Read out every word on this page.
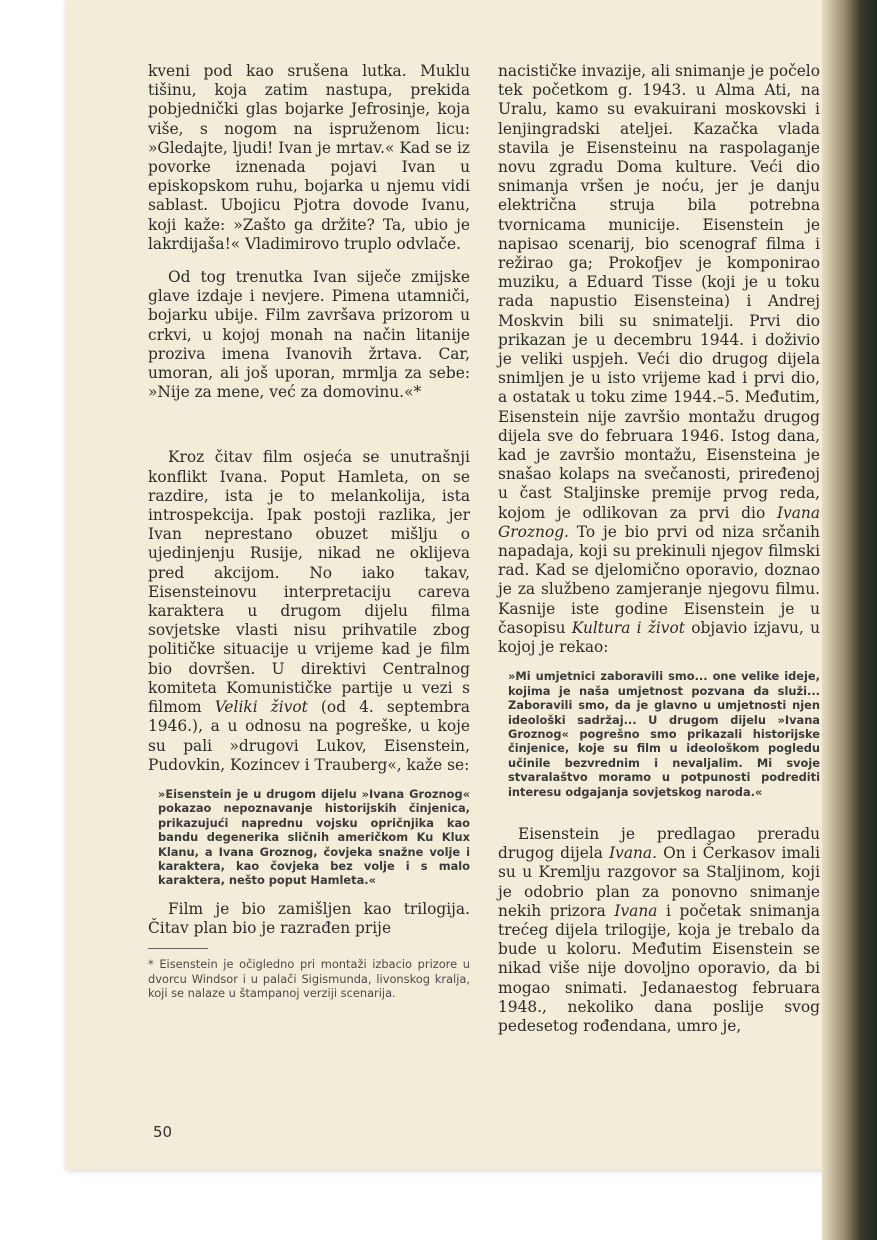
kveni pod kao srušena lutka. Muklu tišinu, koja zatim nastupa, prekida pobjednički glas bojarke Jefrosinje, koja više, s nogom na ispruženom licu: »Gledajte, ljudi! Ivan je mrtav.« Kad se iz povorke iznenada pojavi Ivan u episkopskom ruhu, bojarka u njemu vidi sablast. Ubojicu Pjotra dovode Ivanu, koji kaže: »Zašto ga držite? Ta, ubio je lakrdijaša!« Vladimirovo truplo odvlače.

Od tog trenutka Ivan siječe zmijske glave izdaje i nevjere. Pimena utamniči, bojarku ubije. Film završava prizorom u crkvi, u kojoj monah na način litanije proziva imena Ivanovih žrtava. Car, umoran, ali još uporan, mrmlja za sebe: »Nije za mene, već za domovinu.«*

Kroz čitav film osjeća se unutrašnji konflikt Ivana. Poput Hamleta, on se razdire, ista je to melankolija, ista introspekcija. Ipak postoji razlika, jer Ivan neprestano obuzet mišlju o ujedinjenju Rusije, nikad ne oklijeva pred akcijom. No iako takav, Eisensteinovu interpretaciju careva karaktera u drugom dijelu filma sovjetske vlasti nisu prihvatile zbog političke situacije u vrijeme kad je film bio dovršen. U direktivi Centralnog komiteta Komunističke partije u vezi s filmom Veliki život (od 4. septembra 1946.), a u odnosu na pogreške, u koje su pali »drugovi Lukov, Eisenstein, Pudovkin, Kozincev i Trauberg«, kaže se:

»Eisenstein je u drugom dijelu »Ivana Groznog« pokazao nepoznavanje historijskih činjenica, prikazujući naprednu vojsku opričnjika kao bandu degenerika sličnih američkom Ku Klux Klanu, a Ivana Groznog, čovjeka snažne volje i karaktera, kao čovjeka bez volje i s malo karaktera, nešto poput Hamleta.«

Film je bio zamišljen kao trilogija. Čitav plan bio je razrađen prije

* Eisenstein je očigledno pri montaži izbacio prizore u dvorcu Windsor i u palači Sigismunda, livonskog kralja, koji se nalaze u štampanoj verziji scenarija.

nacističke invazije, ali snimanje je počelo tek početkom g. 1943. u Alma Ati, na Uralu, kamo su evakuirani moskovski i lenjingradski ateljei. Kazačka vlada stavila je Eisensteinu na raspolaganje novu zgradu Doma kulture. Veći dio snimanja vršen je noću, jer je danju električna struja bila potrebna tvornicama municije. Eisenstein je napisao scenarij, bio scenograf filma i režirao ga; Prokofjev je komponirao muziku, a Eduard Tisse (koji je u toku rada napustio Eisensteina) i Andrej Moskvin bili su snimatelji. Prvi dio prikazan je u decembru 1944. i doživio je veliki uspjeh. Veći dio drugog dijela snimljen je u isto vrijeme kad i prvi dio, a ostatak u toku zime 1944.–5. Međutim, Eisenstein nije završio montažu drugog dijela sve do februara 1946. Istog dana, kad je završio montažu, Eisensteina je snašao kolaps na svečanosti, priređenoj u čast Staljinske premije prvog reda, kojom je odlikovan za prvi dio Ivana Groznog. To je bio prvi od niza srčanih napadaja, koji su prekinuli njegov filmski rad. Kad se djelomično oporavio, doznao je za službeno zamjeranje njegovu filmu. Kasnije iste godine Eisenstein je u časopisu Kultura i život objavio izjavu, u kojoj je rekao:

»Mi umjetnici zaboravili smo... one velike ideje, kojima je naša umjetnost pozvana da služi... Zaboravili smo, da je glavno u umjetnosti njen ideološki sadržaj... U drugom dijelu »Ivana Groznog« pogrešno smo prikazali historijske činjenice, koje su film u ideološkom pogledu učinile bezvrednim i nevaljalim. Mi svoje stvaralaštvo moramo u potpunosti podrediti interesu odgajanja sovjetskog naroda.«

Eisenstein je predlagao preradu drugog dijela Ivana. On i Čerkasov imali su u Kremlju razgovor sa Staljinom, koji je odobrio plan za ponovno snimanje nekih prizora Ivana i početak snimanja trećeg dijela trilogije, koja je trebalo da bude u koloru. Međutim Eisenstein se nikad više nije dovoljno oporavio, da bi mogao snimati. Jedanaestog februara 1948., nekoliko dana poslije svog pedesetog rođendana, umro je,

50
